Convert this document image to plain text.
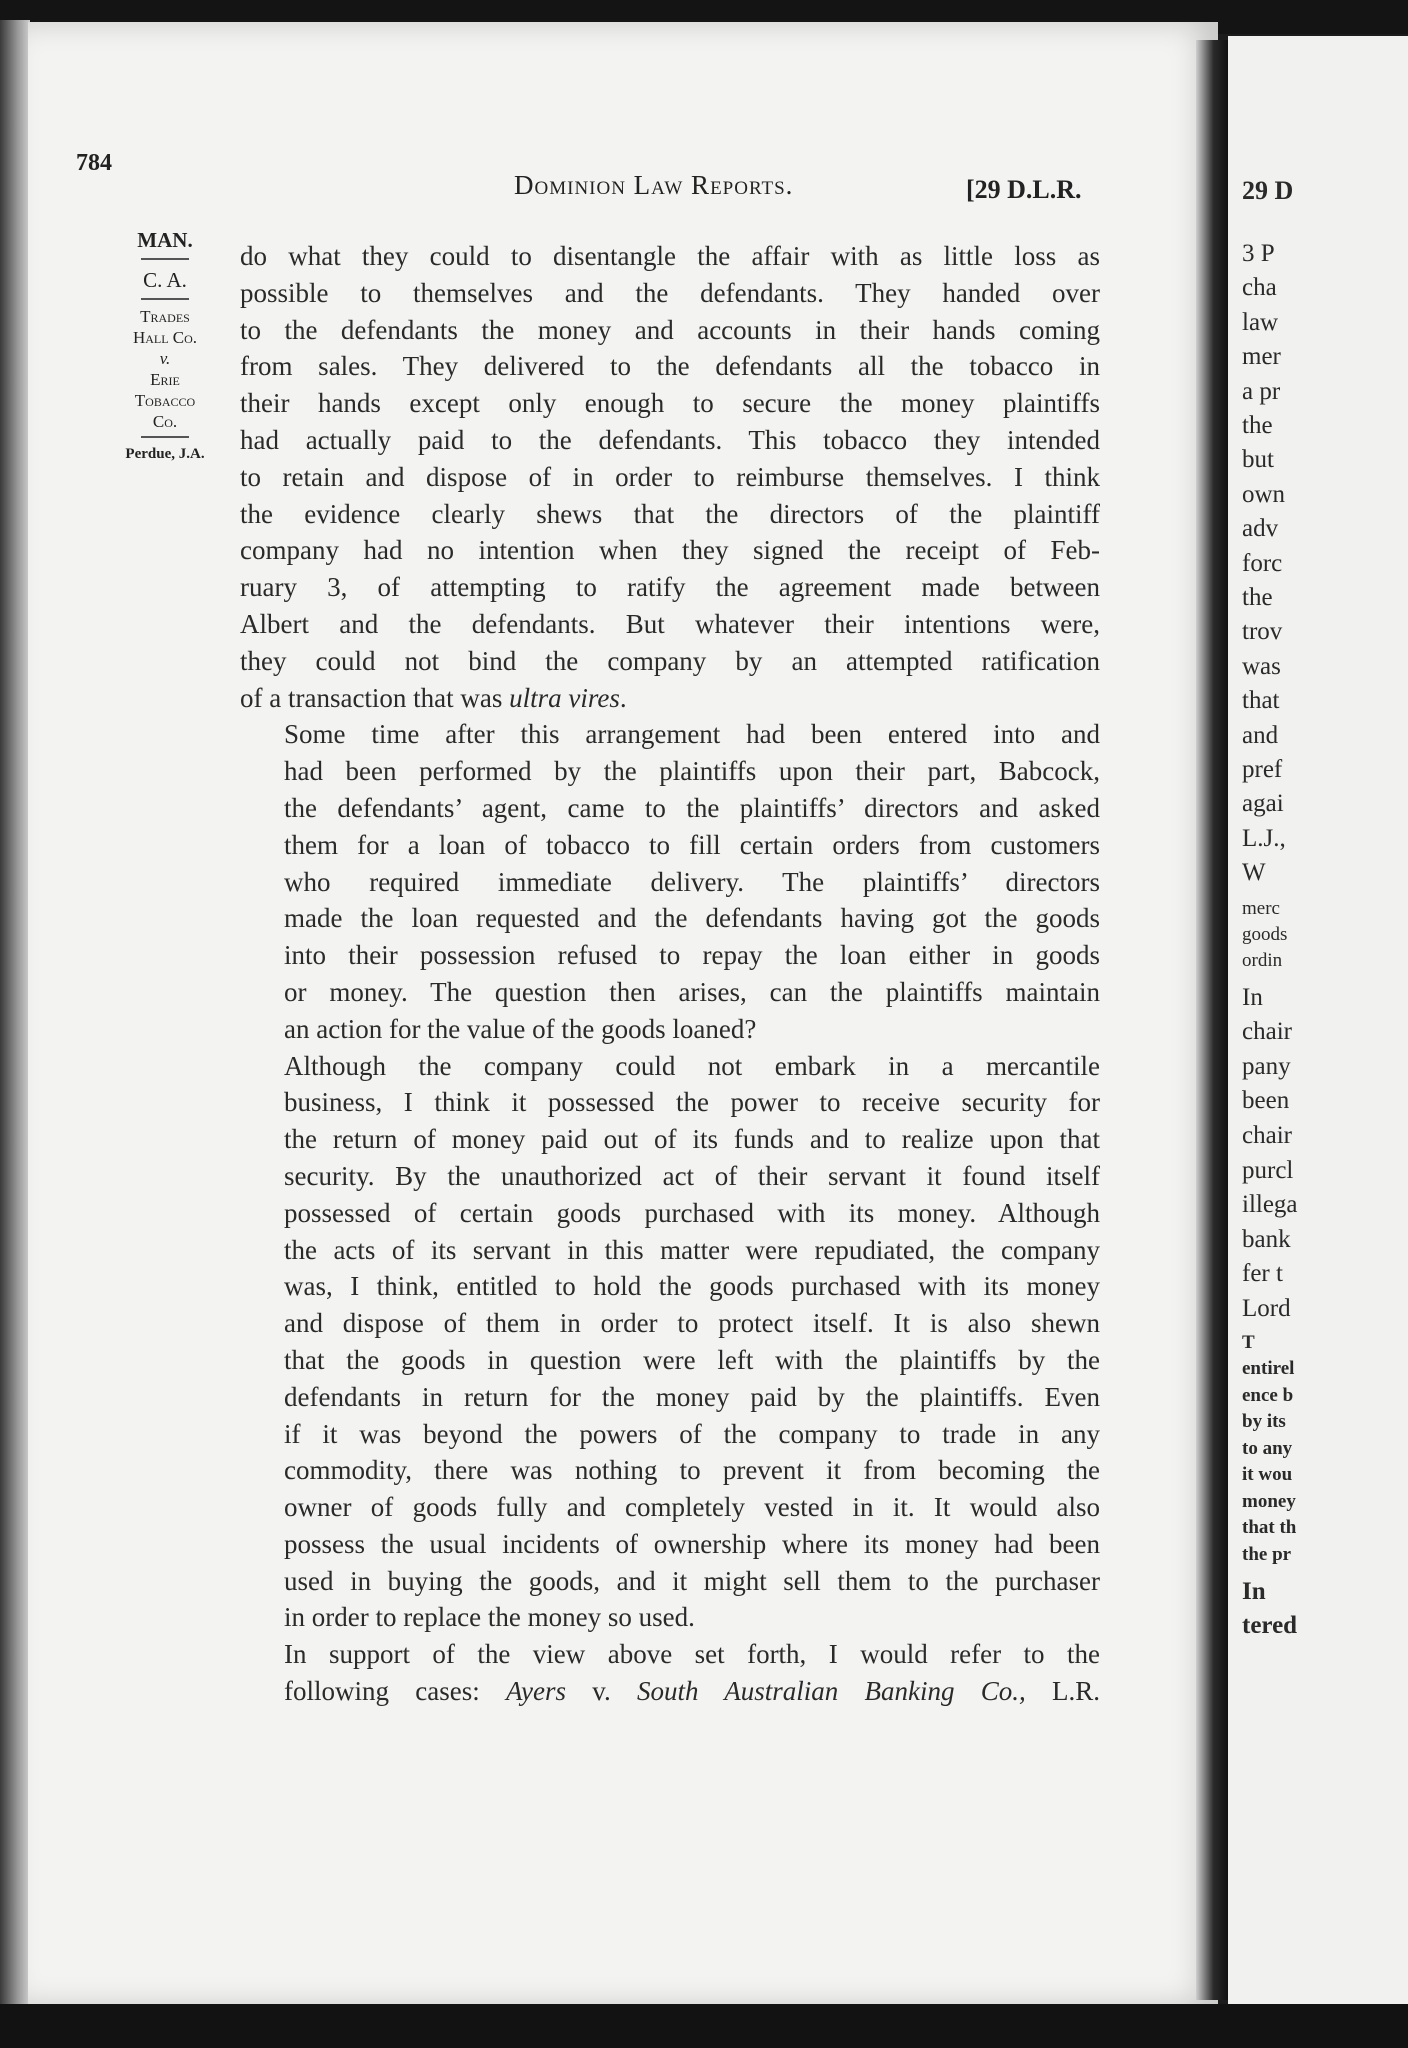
784
Dominion Law Reports.	[29 D.L.R.
MAN.
C. A.
Trades
Hall Co.
v.
Erie
Tobacco
Co.
Perdue, J.A.

do what they could to disentangle the affair with as little loss as
possible to themselves and the defendants. They handed over
to the defendants the money and accounts in their hands coming
from sales. They delivered to the defendants all the tobacco in
their hands except only enough to secure the money plaintiffs
had actually paid to the defendants. This tobacco they intended
to retain and dispose of in order to reimburse themselves. I think
the evidence clearly shews that the directors of the plaintiff
company had no intention when they signed the receipt of Feb-
ruary 3, of attempting to ratify the agreement made between
Albert and the defendants. But whatever their intentions were,
they could not bind the company by an attempted ratification
of a transaction that was ultra vires.

Some time after this arrangement had been entered into and
had been performed by the plaintiffs upon their part, Babcock,
the defendants’ agent, came to the plaintiffs’ directors and asked
them for a loan of tobacco to fill certain orders from customers
who required immediate delivery. The plaintiffs’ directors
made the loan requested and the defendants having got the goods
into their possession refused to repay the loan either in goods
or money. The question then arises, can the plaintiffs maintain
an action for the value of the goods loaned?

Although the company could not embark in a mercantile
business, I think it possessed the power to receive security for
the return of money paid out of its funds and to realize upon that
security. By the unauthorized act of their servant it found itself
possessed of certain goods purchased with its money. Although
the acts of its servant in this matter were repudiated, the company
was, I think, entitled to hold the goods purchased with its money
and dispose of them in order to protect itself. It is also shewn
that the goods in question were left with the plaintiffs by the
defendants in return for the money paid by the plaintiffs. Even
if it was beyond the powers of the company to trade in any
commodity, there was nothing to prevent it from becoming the
owner of goods fully and completely vested in it. It would also
possess the usual incidents of ownership where its money had been
used in buying the goods, and it might sell them to the purchaser
in order to replace the money so used.

In support of the view above set forth, I would refer to the
following cases: Ayers v. South Australian Banking Co., L.R.

29 D
3 P
cha
law
mer
a pr
the
but
own
adv
forc
the
trov
was
that
and
pref
agai
L.J.,
W
merc
goods
ordin
In
chair
pany
been
chair
purcl
illega
bank
fer t
Lord
T
entirel
ence b
by its
to any
it wou
money
that th
the pr
In
tered
